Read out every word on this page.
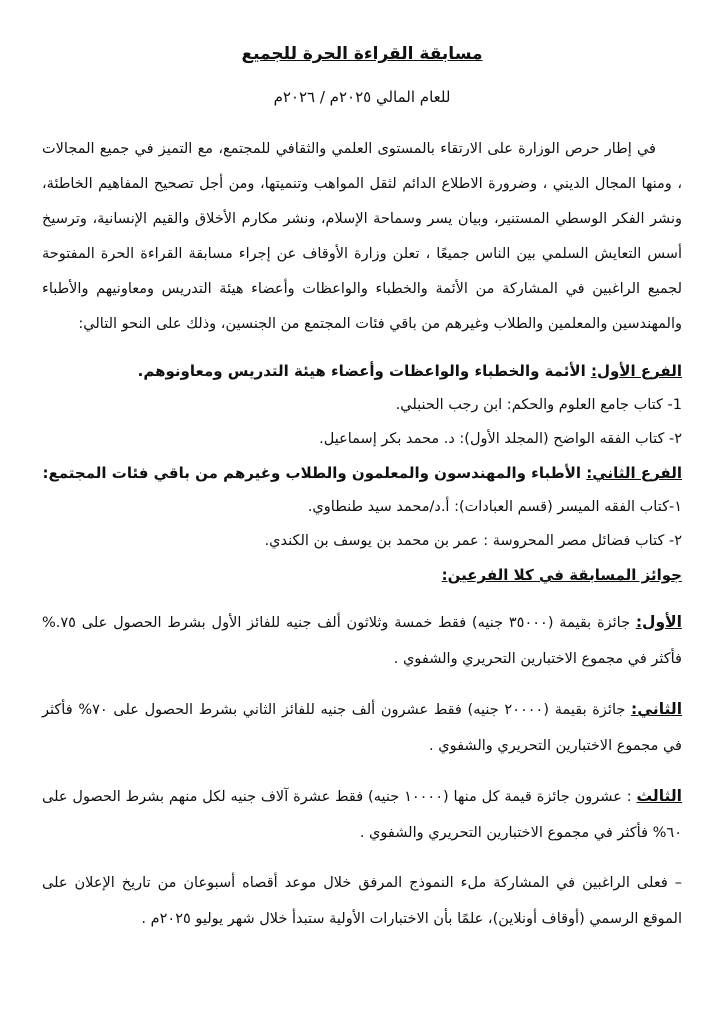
مسابقة القراءة الحرة للجميع

للعام المالي ٢٠٢٥م / ٢٠٢٦م

في إطار حرص الوزارة على الارتقاء بالمستوى العلمي والثقافي للمجتمع، مع التميز في جميع المجالات ، ومنها المجال الديني ، وضرورة الاطلاع الدائم لثقل المواهب وتنميتها، ومن أجل تصحيح المفاهيم الخاطئة، ونشر الفكر الوسطي المستنير، وبيان يسر وسماحة الإسلام، ونشر مكارم الأخلاق والقيم الإنسانية، وترسيخ أسس التعايش السلمي بين الناس جميعًا ، تعلن وزارة الأوقاف عن إجراء مسابقة القراءة الحرة المفتوحة لجميع الراغبين في المشاركة من الأئمة والخطباء والواعظات وأعضاء هيئة التدريس ومعاونيهم والأطباء والمهندسين والمعلمين والطلاب وغيرهم من باقي فئات المجتمع من الجنسين، وذلك على النحو التالي:

الفرع الأول: الأئمة والخطباء والواعظات وأعضاء هيئة التدريس ومعاونوهم.

1- كتاب جامع العلوم والحكم: ابن رجب الحنبلي.

٢- كتاب الفقه الواضح (المجلد الأول): د. محمد بكر إسماعيل.

الفرع الثاني: الأطباء والمهندسون والمعلمون والطلاب وغيرهم من باقي فئات المجتمع:

١-كتاب الفقه الميسر (قسم العبادات): أ.د/محمد سيد طنطاوي.

٢- كتاب فضائل مصر المحروسة : عمر بن محمد بن يوسف بن الكندي.

جوائز المسابقة في كلا الفرعين:

الأول: جائزة بقيمة (٣٥٠٠٠ جنيه) فقط خمسة وثلاثون ألف جنيه للفائز الأول بشرط الحصول على ٧٥.% فأكثر في مجموع الاختبارين التحريري والشفوي .

الثاني: جائزة بقيمة (٢٠٠٠٠ جنيه) فقط عشرون ألف جنيه للفائز الثاني بشرط الحصول على ٧٠% فأكثر في مجموع الاختبارين التحريري والشفوي .

الثالث : عشرون جائزة قيمة كل منها (١٠٠٠٠ جنيه) فقط عشرة آلاف جنيه لكل منهم بشرط الحصول على ٦٠% فأكثر في مجموع الاختبارين التحريري والشفوي .

– فعلى الراغبين في المشاركة ملء النموذج المرفق خلال موعد أقصاه أسبوعان من تاريخ الإعلان على الموقع الرسمي (أوقاف أونلاين)، علمًا بأن الاختبارات الأولية ستبدأ خلال شهر يوليو ٢٠٢٥م .
